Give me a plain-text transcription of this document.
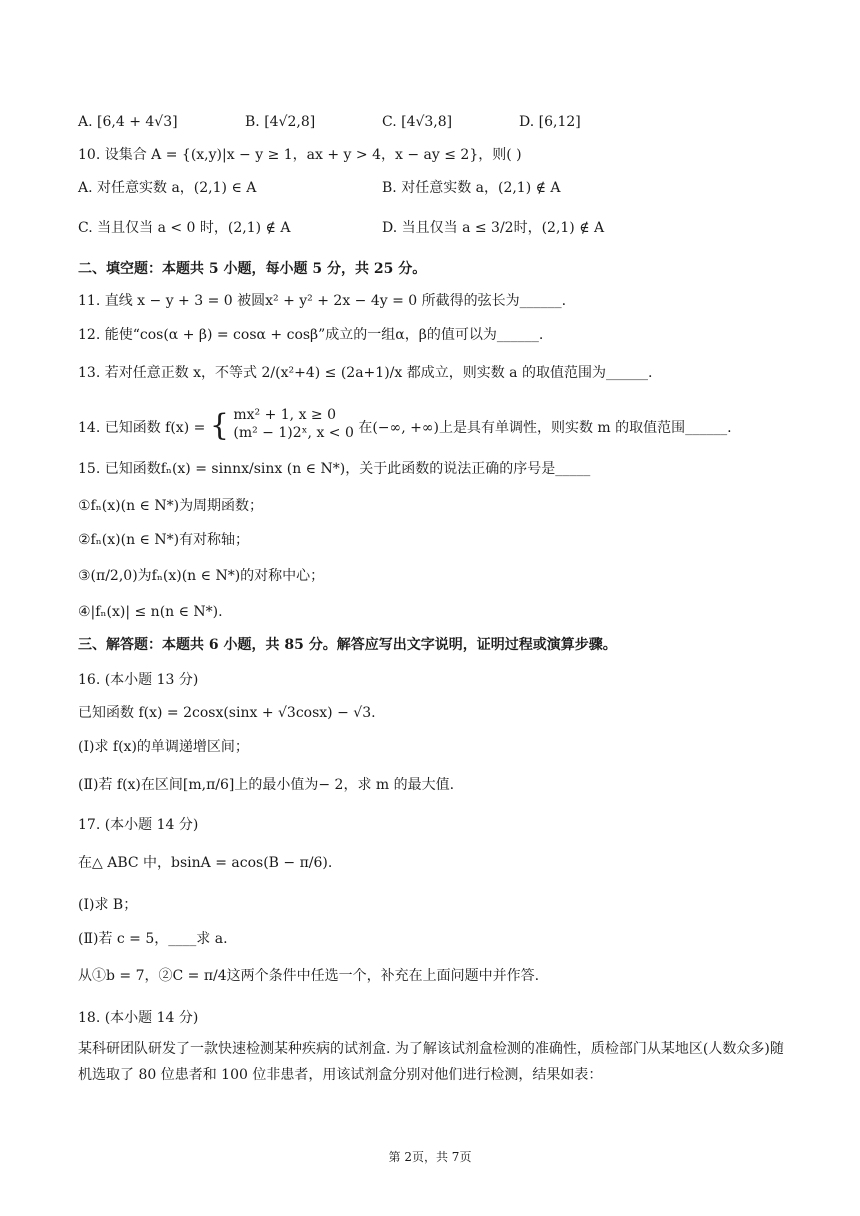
A. [6,4 + 4√3]	B. [4√2,8]	C. [4√3,8]	D. [6,12]
10. 设集合 A = {(x,y)|x − y ≥ 1，ax + y > 4，x − ay ≤ 2}，则( )
A. 对任意实数 a，(2,1) ∈ A	B. 对任意实数 a，(2,1) ∉ A
C. 当且仅当 a < 0 时，(2,1) ∉ A	D. 当且仅当 a ≤ 3/2时，(2,1) ∉ A
二、填空题：本题共 5 小题，每小题 5 分，共 25 分。
11. 直线 x − y + 3 = 0 被圆x² + y² + 2x − 4y = 0 所截得的弦长为______.
12. 能使“cos(α + β) = cosα + cosβ”成立的一组α，β的值可以为______.
13. 若对任意正数 x，不等式 2/(x²+4) ≤ (2a+1)/x 都成立，则实数 a 的取值范围为______.
14. 已知函数 f(x) = { mx² + 1, x ≥ 0
(m² − 1)2ˣ, x < 0 在(−∞, +∞)上是具有单调性，则实数 m 的取值范围______.
15. 已知函数fₙ(x) = sinnx/sinx (n ∈ N*)，关于此函数的说法正确的序号是_____
①fₙ(x)(n ∈ N*)为周期函数；
②fₙ(x)(n ∈ N*)有对称轴；
③(π/2,0)为fₙ(x)(n ∈ N*)的对称中心；
④|fₙ(x)| ≤ n(n ∈ N*).
三、解答题：本题共 6 小题，共 85 分。解答应写出文字说明，证明过程或演算步骤。
16. (本小题 13 分)
已知函数 f(x) = 2cosx(sinx + √3cosx) − √3.
(Ⅰ)求 f(x)的单调递增区间；
(Ⅱ)若 f(x)在区间[m,π/6]上的最小值为− 2，求 m 的最大值.
17. (本小题 14 分)
在△ ABC 中，bsinA = acos(B − π/6).
(Ⅰ)求 B；
(Ⅱ)若 c = 5，____求 a.
从①b = 7，②C = π/4这两个条件中任选一个，补充在上面问题中并作答.
18. (本小题 14 分)
某科研团队研发了一款快速检测某种疾病的试剂盒. 为了解该试剂盒检测的准确性，质检部门从某地区(人数众多)随机选取了 80 位患者和 100 位非患者，用该试剂盒分别对他们进行检测，结果如表：
第 2页，共 7页
